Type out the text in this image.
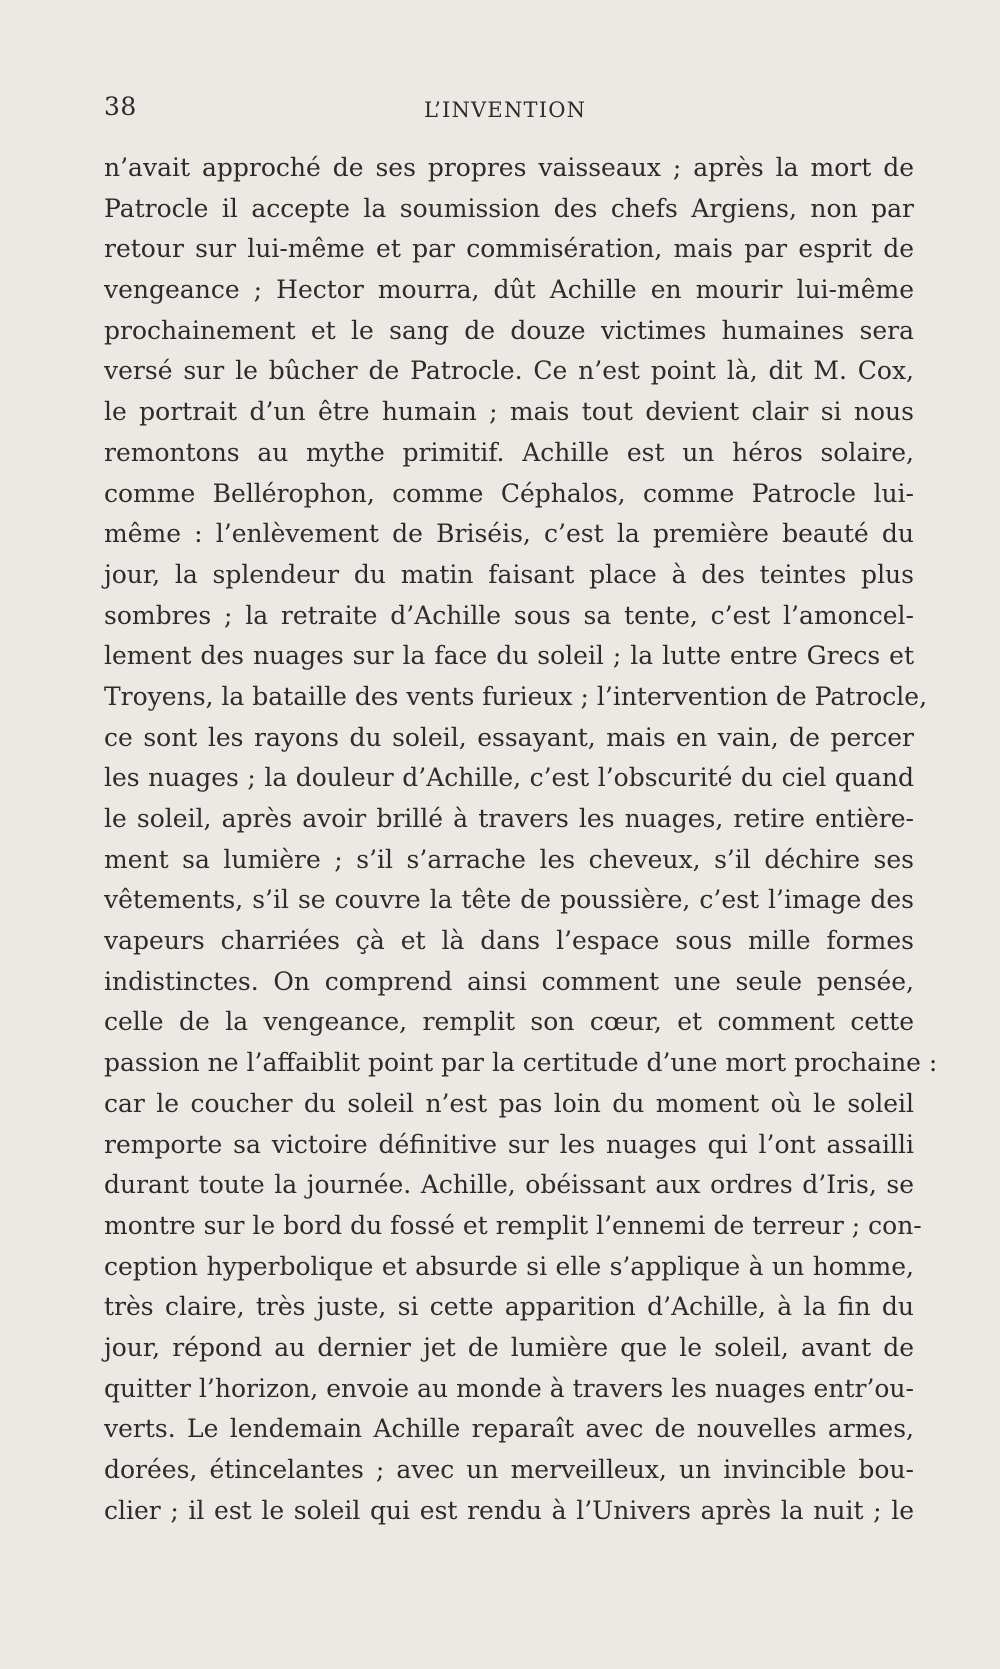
38	L’INVENTION
n’avait approché de ses propres vaisseaux ; après la mort de
Patrocle il accepte la soumission des chefs Argiens, non par
retour sur lui-même et par commisération, mais par esprit de
vengeance ; Hector mourra, dût Achille en mourir lui-même
prochainement et le sang de douze victimes humaines sera
versé sur le bûcher de Patrocle. Ce n’est point là, dit M. Cox,
le portrait d’un être humain ; mais tout devient clair si nous
remontons au mythe primitif. Achille est un héros solaire,
comme Bellérophon, comme Céphalos, comme Patrocle lui-
même : l’enlèvement de Briséis, c’est la première beauté du
jour, la splendeur du matin faisant place à des teintes plus
sombres ; la retraite d’Achille sous sa tente, c’est l’amoncel-
lement des nuages sur la face du soleil ; la lutte entre Grecs et
Troyens, la bataille des vents furieux ; l’intervention de Patrocle,
ce sont les rayons du soleil, essayant, mais en vain, de percer
les nuages ; la douleur d’Achille, c’est l’obscurité du ciel quand
le soleil, après avoir brillé à travers les nuages, retire entière-
ment sa lumière ; s’il s’arrache les cheveux, s’il déchire ses
vêtements, s’il se couvre la tête de poussière, c’est l’image des
vapeurs charriées çà et là dans l’espace sous mille formes
indistinctes. On comprend ainsi comment une seule pensée,
celle de la vengeance, remplit son cœur, et comment cette
passion ne l’affaiblit point par la certitude d’une mort prochaine :
car le coucher du soleil n’est pas loin du moment où le soleil
remporte sa victoire définitive sur les nuages qui l’ont assailli
durant toute la journée. Achille, obéissant aux ordres d’Iris, se
montre sur le bord du fossé et remplit l’ennemi de terreur ; con-
ception hyperbolique et absurde si elle s’applique à un homme,
très claire, très juste, si cette apparition d’Achille, à la fin du
jour, répond au dernier jet de lumière que le soleil, avant de
quitter l’horizon, envoie au monde à travers les nuages entr’ou-
verts. Le lendemain Achille reparaît avec de nouvelles armes,
dorées, étincelantes ; avec un merveilleux, un invincible bou-
clier ; il est le soleil qui est rendu à l’Univers après la nuit ; le
